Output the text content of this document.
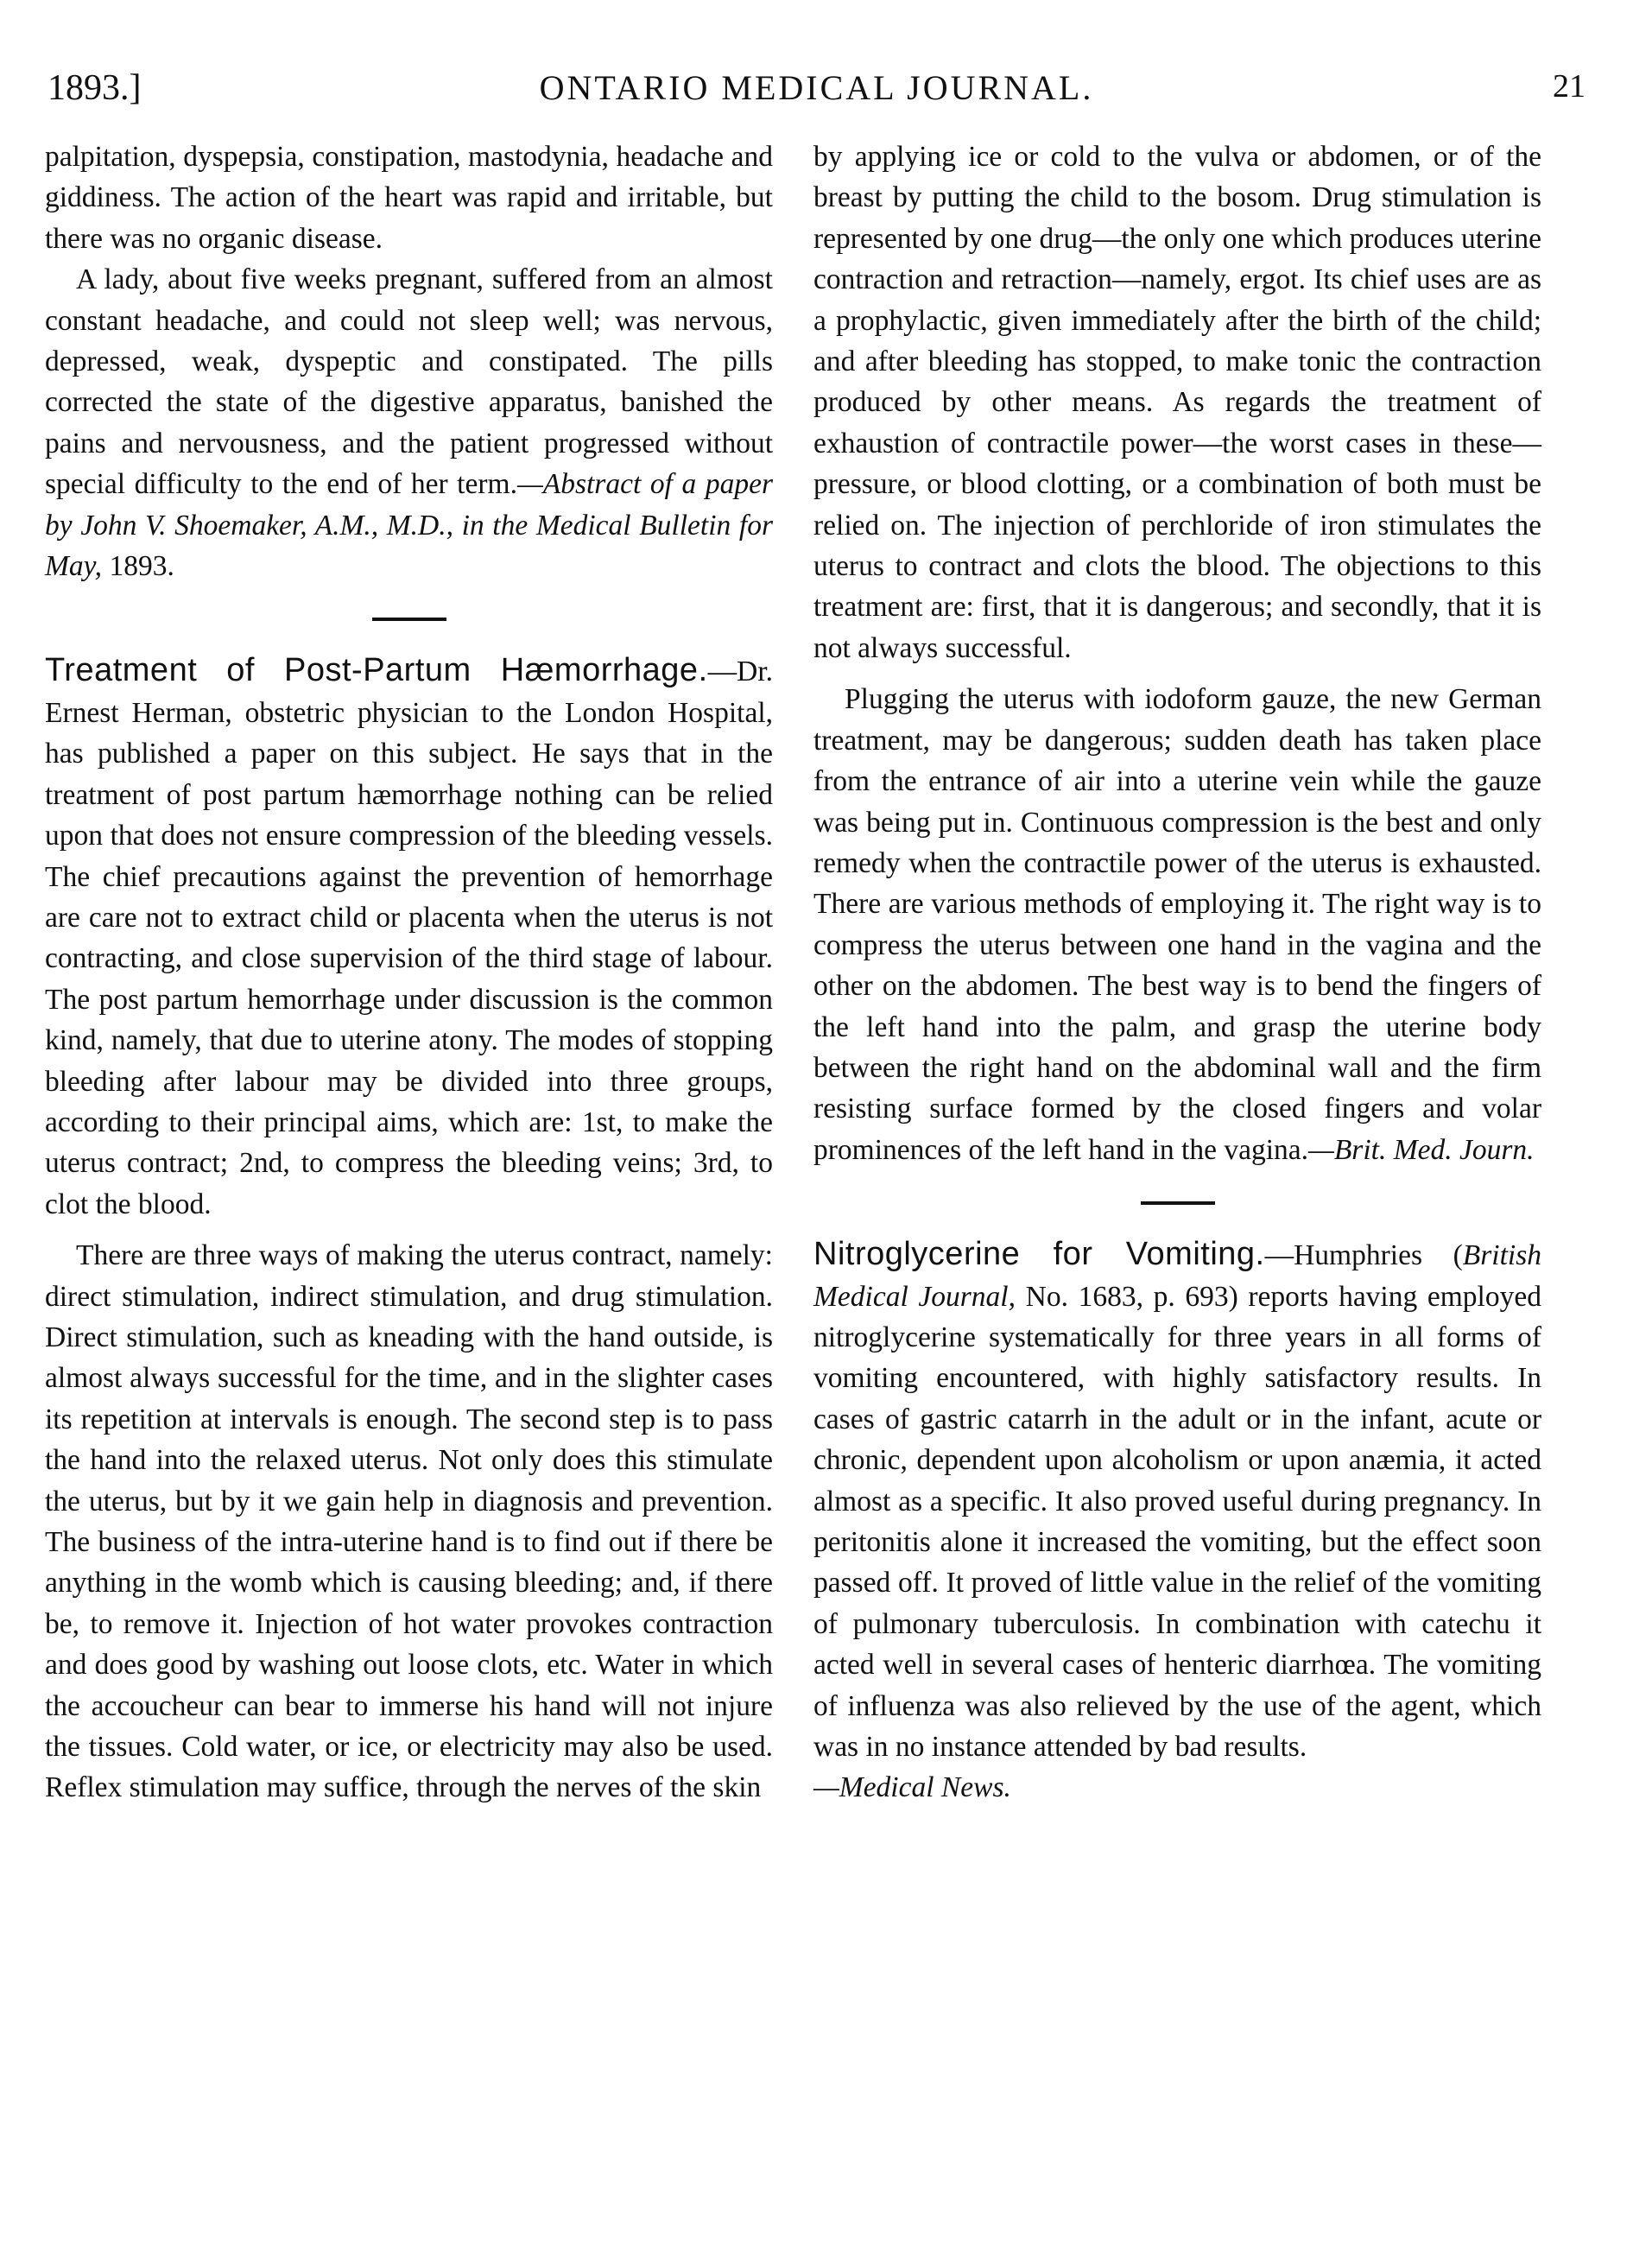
1893.]	ONTARIO MEDICAL JOURNAL.	21

palpitation, dyspepsia, constipation, mastodynia, headache and giddiness. The action of the heart was rapid and irritable, but there was no organic disease.

A lady, about five weeks pregnant, suffered from an almost constant headache, and could not sleep well; was nervous, depressed, weak, dyspeptic and constipated. The pills corrected the state of the digestive apparatus, banished the pains and nervousness, and the patient progressed without special difficulty to the end of her term.—Abstract of a paper by John V. Shoemaker, A.M., M.D., in the Medical Bulletin for May, 1893.

Treatment of Post-Partum Hæmorrhage.—Dr. Ernest Herman, obstetric physician to the London Hospital, has published a paper on this subject. He says that in the treatment of post partum hæmorrhage nothing can be relied upon that does not ensure compression of the bleeding vessels. The chief precautions against the prevention of hemorrhage are care not to extract child or placenta when the uterus is not contracting, and close supervision of the third stage of labour. The post partum hemorrhage under discussion is the common kind, namely, that due to uterine atony. The modes of stopping bleeding after labour may be divided into three groups, according to their principal aims, which are: 1st, to make the uterus contract; 2nd, to compress the bleeding veins; 3rd, to clot the blood.

There are three ways of making the uterus contract, namely: direct stimulation, indirect stimulation, and drug stimulation. Direct stimulation, such as kneading with the hand outside, is almost always successful for the time, and in the slighter cases its repetition at intervals is enough. The second step is to pass the hand into the relaxed uterus. Not only does this stimulate the uterus, but by it we gain help in diagnosis and prevention. The business of the intra-uterine hand is to find out if there be anything in the womb which is causing bleeding; and, if there be, to remove it. Injection of hot water provokes contraction and does good by washing out loose clots, etc. Water in which the accoucheur can bear to immerse his hand will not injure the tissues. Cold water, or ice, or electricity may also be used. Reflex stimulation may suffice, through the nerves of the skin

by applying ice or cold to the vulva or abdomen, or of the breast by putting the child to the bosom. Drug stimulation is represented by one drug—the only one which produces uterine contraction and retraction—namely, ergot. Its chief uses are as a prophylactic, given immediately after the birth of the child; and after bleeding has stopped, to make tonic the contraction produced by other means. As regards the treatment of exhaustion of contractile power—the worst cases in these—pressure, or blood clotting, or a combination of both must be relied on. The injection of perchloride of iron stimulates the uterus to contract and clots the blood. The objections to this treatment are: first, that it is dangerous; and secondly, that it is not always successful.

Plugging the uterus with iodoform gauze, the new German treatment, may be dangerous; sudden death has taken place from the entrance of air into a uterine vein while the gauze was being put in. Continuous compression is the best and only remedy when the contractile power of the uterus is exhausted. There are various methods of employing it. The right way is to compress the uterus between one hand in the vagina and the other on the abdomen. The best way is to bend the fingers of the left hand into the palm, and grasp the uterine body between the right hand on the abdominal wall and the firm resisting surface formed by the closed fingers and volar prominences of the left hand in the vagina.—Brit. Med. Journ.

Nitroglycerine for Vomiting.—Humphries (British Medical Journal, No. 1683, p. 693) reports having employed nitroglycerine systematically for three years in all forms of vomiting encountered, with highly satisfactory results. In cases of gastric catarrh in the adult or in the infant, acute or chronic, dependent upon alcoholism or upon anæmia, it acted almost as a specific. It also proved useful during pregnancy. In peritonitis alone it increased the vomiting, but the effect soon passed off. It proved of little value in the relief of the vomiting of pulmonary tuberculosis. In combination with catechu it acted well in several cases of henteric diarrhœa. The vomiting of influenza was also relieved by the use of the agent, which was in no instance attended by bad results.

—Medical News.
